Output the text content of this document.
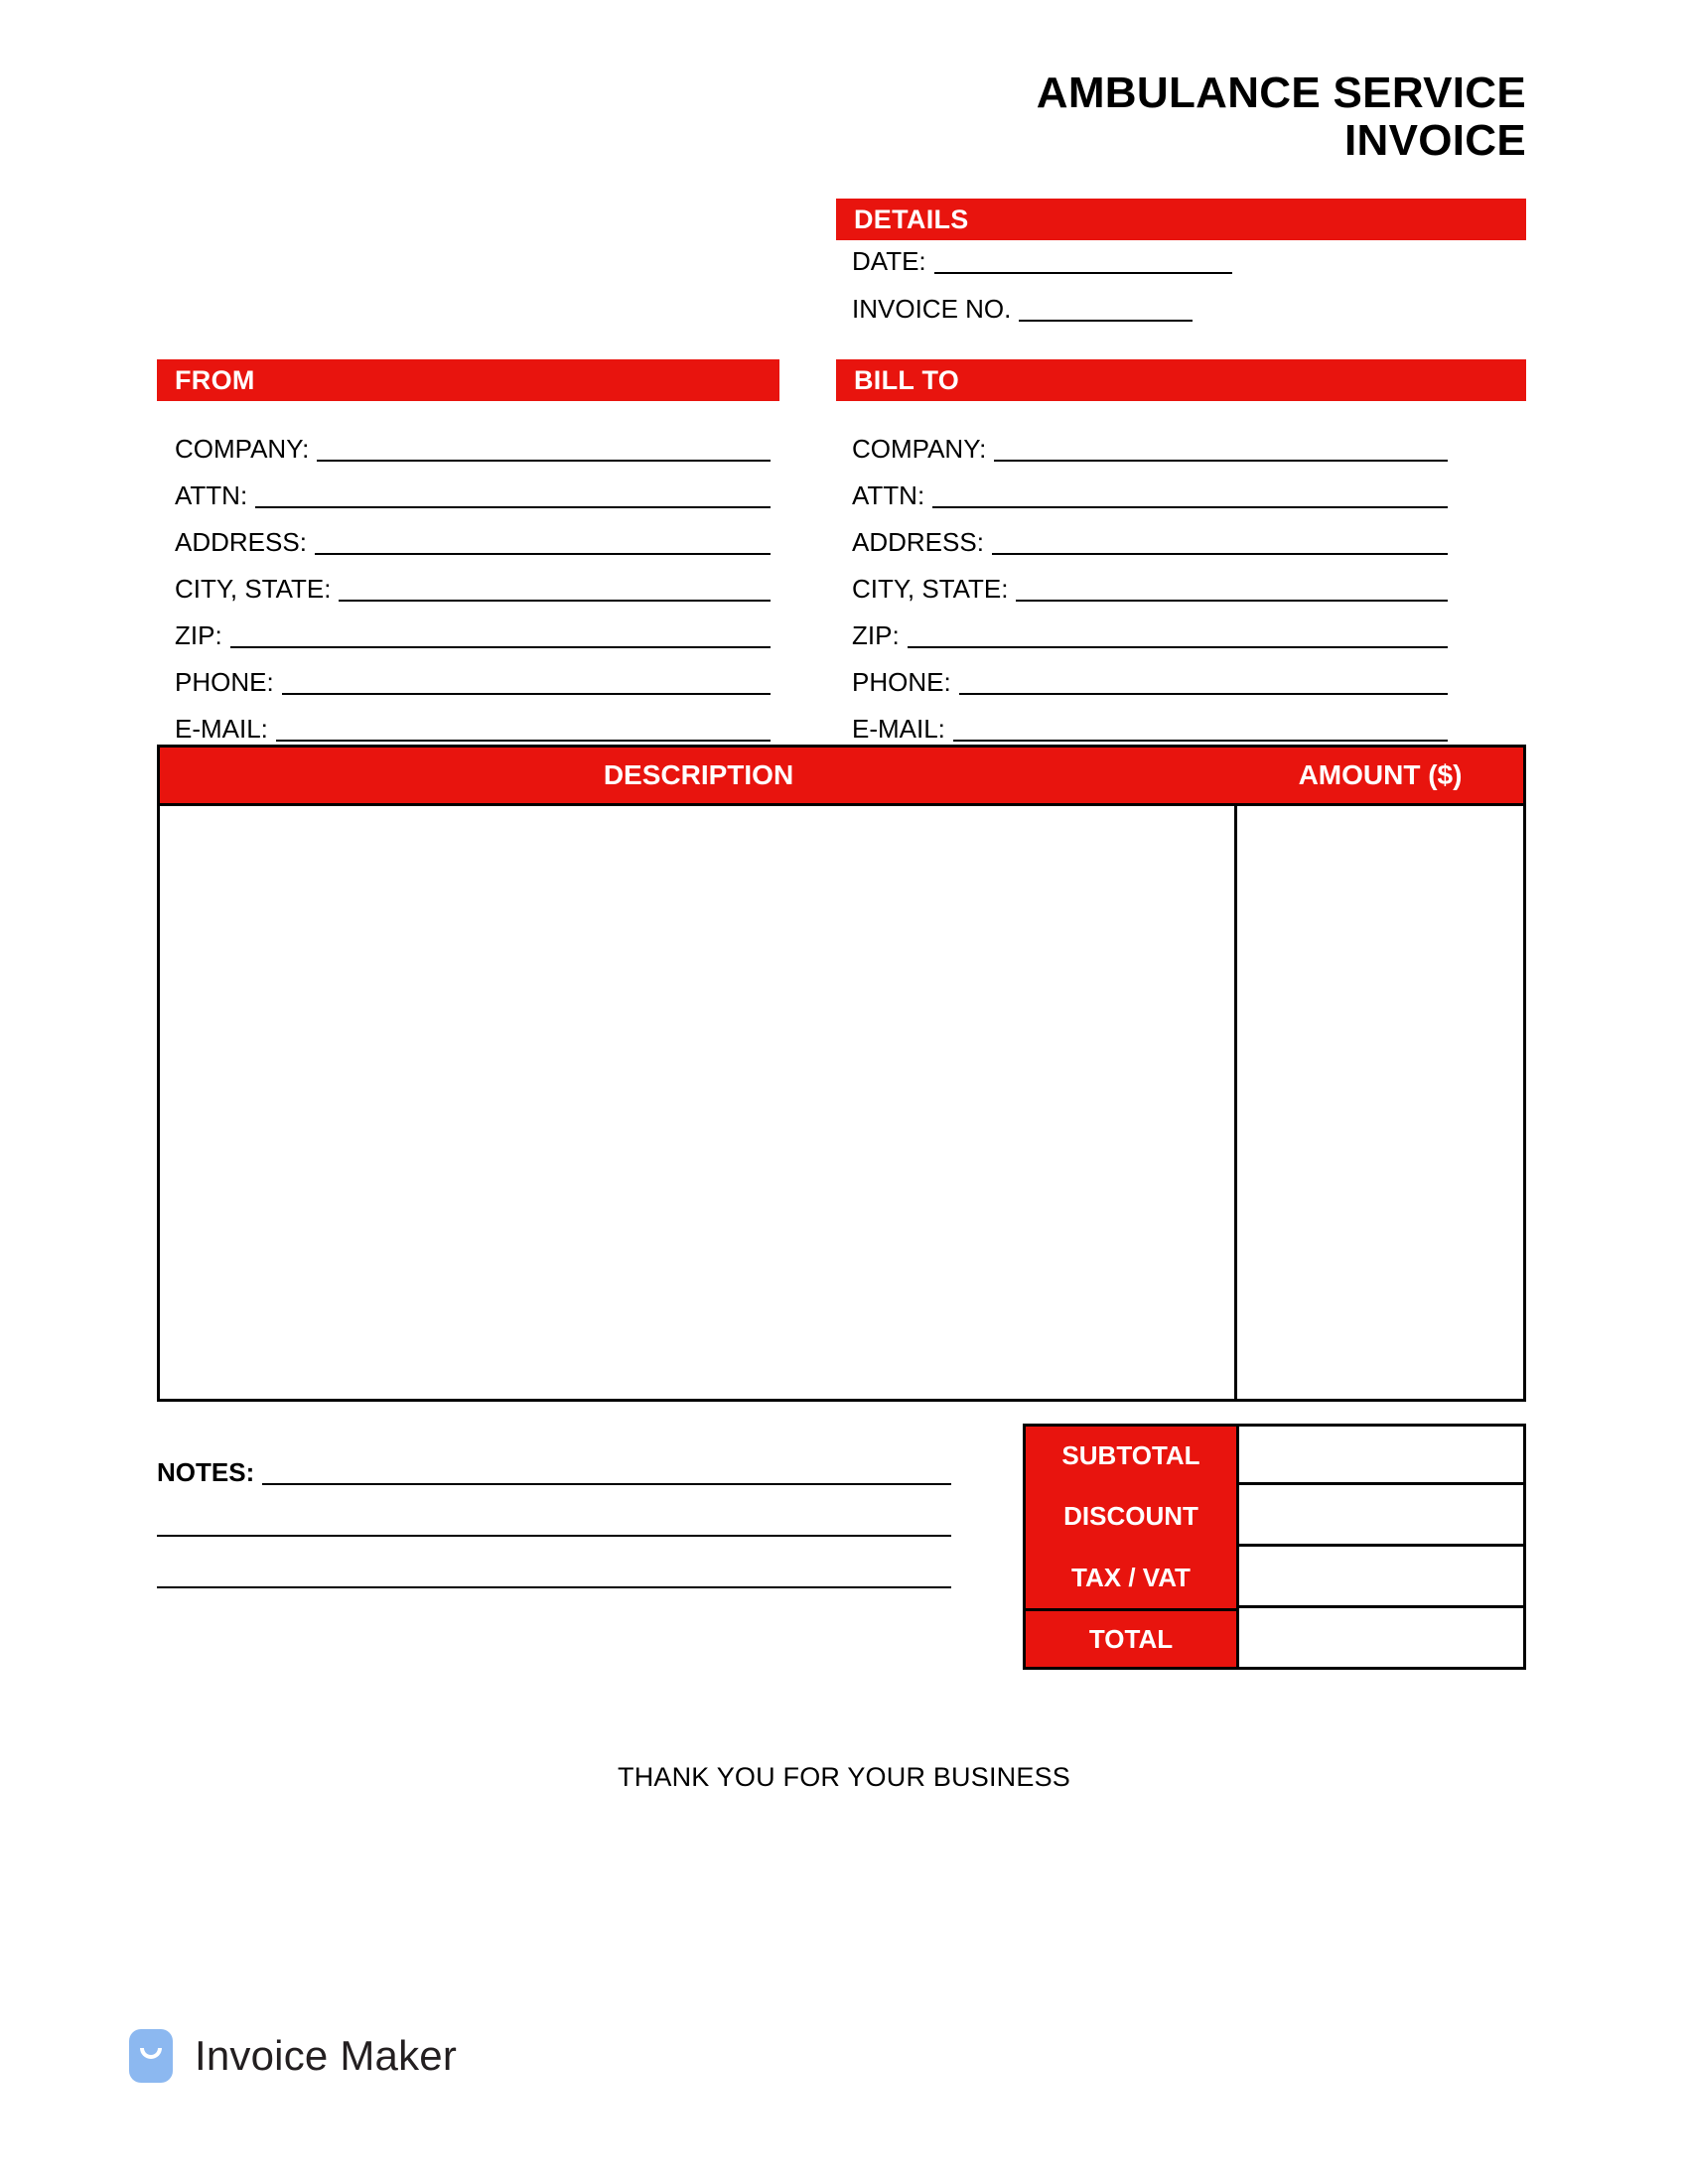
AMBULANCE SERVICE
INVOICE
DETAILS
DATE:
INVOICE NO.
FROM
COMPANY:
ATTN:
ADDRESS:
CITY, STATE:
ZIP:
PHONE:
E-MAIL:
BILL TO
COMPANY:
ATTN:
ADDRESS:
CITY, STATE:
ZIP:
PHONE:
E-MAIL:
DESCRIPTION	AMOUNT ($)
NOTES:
SUBTOTAL
DISCOUNT
TAX / VAT
TOTAL
THANK YOU FOR YOUR BUSINESS
Invoice Maker
